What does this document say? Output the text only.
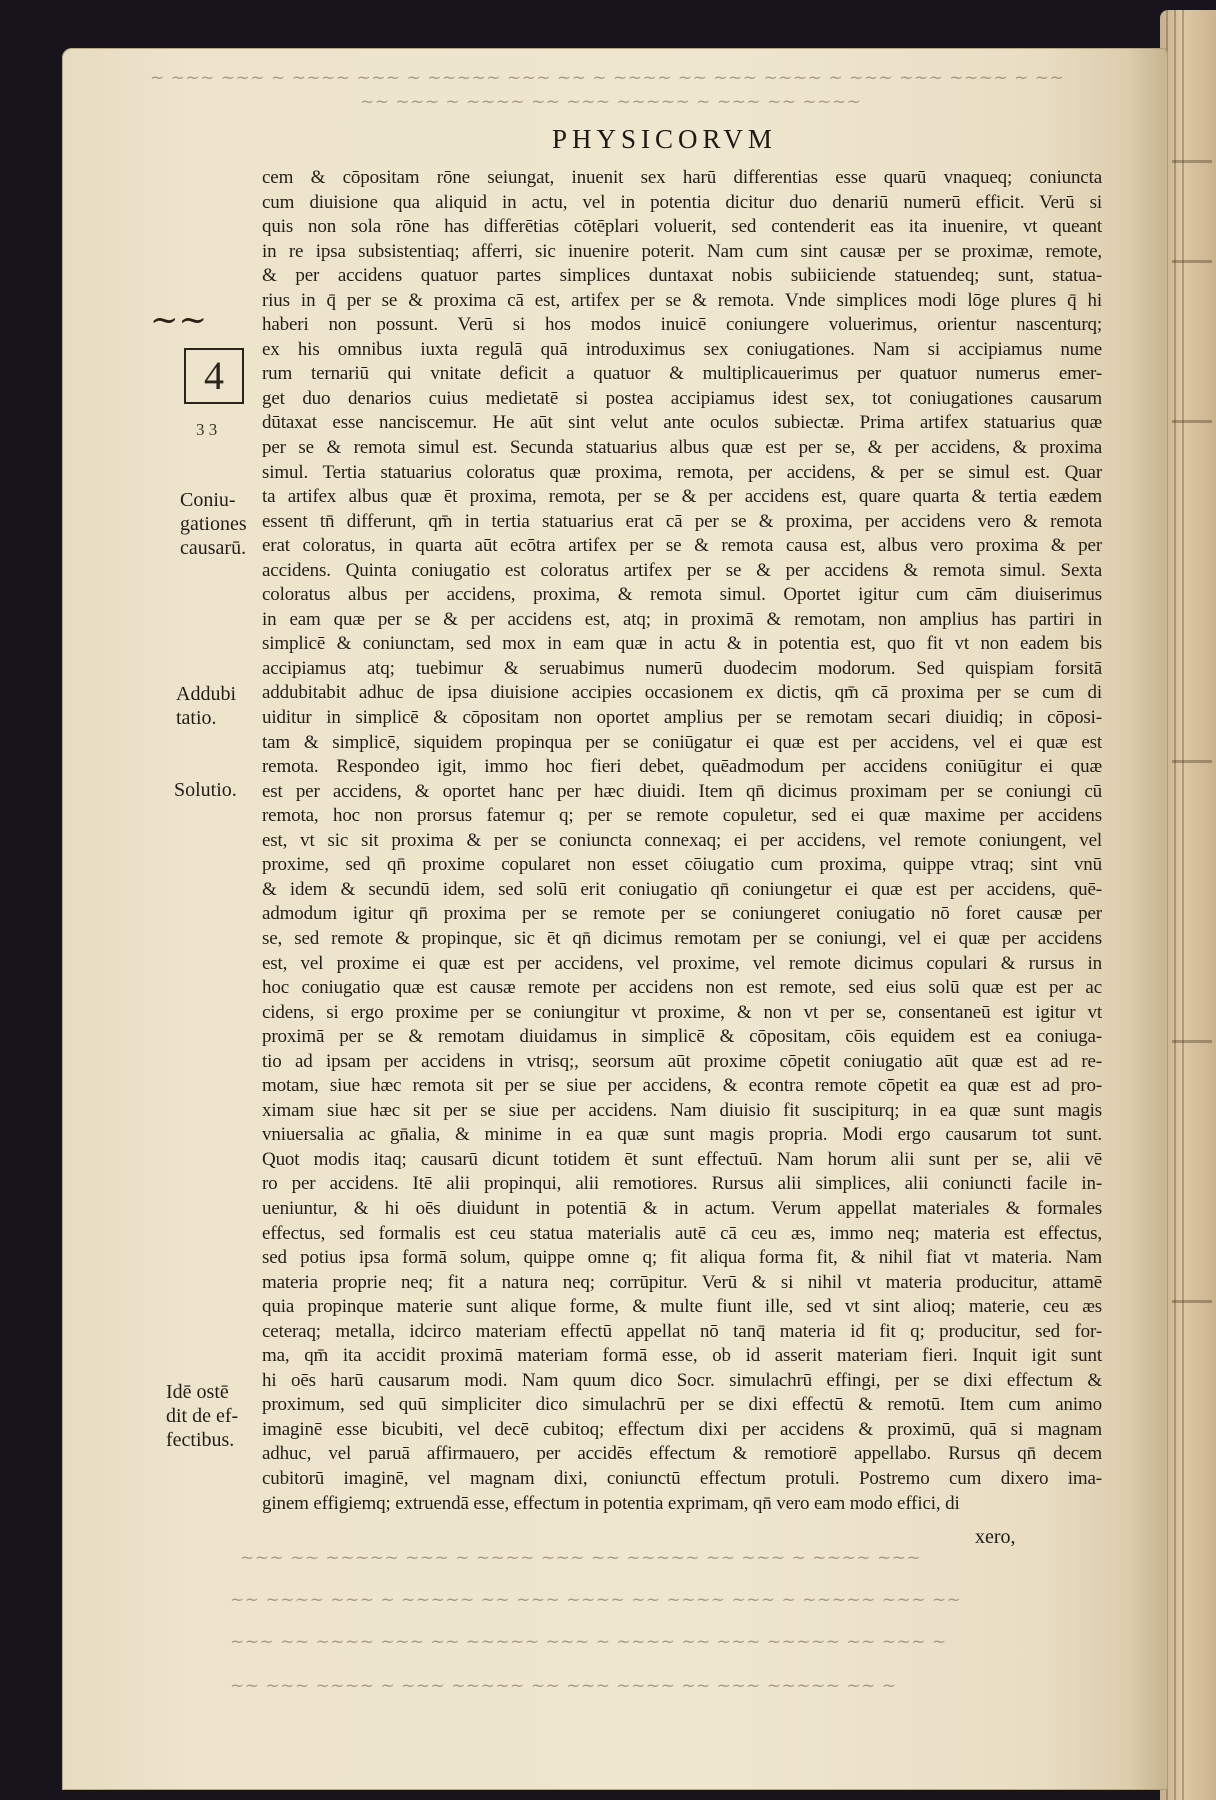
~ ~~~ ~~~ ~ ~~~~ ~~~ ~ ~~~~~ ~~~ ~~ ~ ~~~~ ~~ ~~~ ~~~~ ~ ~~~ ~~~ ~~~~ ~ ~~
~~ ~~~ ~ ~~~~ ~~ ~~~ ~~~~~ ~ ~~~ ~~ ~~~~
~~~ ~~ ~~~~~ ~~~ ~ ~~~~ ~~~ ~~ ~~~~~ ~~ ~~~ ~ ~~~~ ~~~
~~ ~~~~ ~~~ ~ ~~~~~ ~~ ~~~ ~~~~ ~~ ~~~~ ~~~ ~ ~~~~~ ~~~ ~~
~~~ ~~ ~~~~ ~~~ ~~ ~~~~~ ~~~ ~ ~~~~ ~~ ~~~ ~~~~~ ~~ ~~~ ~
~~ ~~~ ~~~~ ~ ~~~ ~~~~~ ~~ ~~~ ~~~~ ~~ ~~~ ~~~~~ ~~ ~
PHYSICORVM
~~
4
3 3
Coniu-
gationes
causarū.
Addubi
tatio.
Solutio.
Idē ostē
dit de ef-
fectibus.
cem & cōpositam rōne seiungat, inuenit sex harū differentias esse quarū vnaqueq; coniuncta
cum diuisione qua aliquid in actu, vel in potentia dicitur duo denariū numerū efficit. Verū si
quis non sola rōne has differētias cōtēplari voluerit, sed contenderit eas ita inuenire, vt queant
in re ipsa subsistentiaq; afferri, sic inuenire poterit. Nam cum sint causæ per se proximæ, remote,
& per accidens quatuor partes simplices duntaxat nobis subiiciende statuendeq; sunt, statua-
rius in q̄ per se & proxima cā est, artifex per se & remota. Vnde simplices modi lōge plures q̄ hi
haberi non possunt. Verū si hos modos inuicē coniungere voluerimus, orientur nascenturq;
ex his omnibus iuxta regulā quā introduximus sex coniugationes. Nam si accipiamus nume
rum ternariū qui vnitate deficit a quatuor & multiplicauerimus per quatuor numerus emer-
get duo denarios cuius medietatē si postea accipiamus idest sex, tot coniugationes causarum
dūtaxat esse nanciscemur. He aūt sint velut ante oculos subiectæ. Prima artifex statuarius quæ
per se & remota simul est. Secunda statuarius albus quæ est per se, & per accidens, & proxima
simul. Tertia statuarius coloratus quæ proxima, remota, per accidens, & per se simul est. Quar
ta artifex albus quæ ēt proxima, remota, per se & per accidens est, quare quarta & tertia eædem
essent tn̄ differunt, qm̄ in tertia statuarius erat cā per se & proxima, per accidens vero & remota
erat coloratus, in quarta aūt ecōtra artifex per se & remota causa est, albus vero proxima & per
accidens. Quinta coniugatio est coloratus artifex per se & per accidens & remota simul. Sexta
coloratus albus per accidens, proxima, & remota simul. Oportet igitur cum cām diuiserimus
in eam quæ per se & per accidens est, atq; in proximā & remotam, non amplius has partiri in
simplicē & coniunctam, sed mox in eam quæ in actu & in potentia est, quo fit vt non eadem bis
accipiamus atq; tuebimur & seruabimus numerū duodecim modorum. Sed quispiam forsitā
addubitabit adhuc de ipsa diuisione accipies occasionem ex dictis, qm̄ cā proxima per se cum di
uiditur in simplicē & cōpositam non oportet amplius per se remotam secari diuidiq; in cōposi-
tam & simplicē, siquidem propinqua per se coniūgatur ei quæ est per accidens, vel ei quæ est
remota. Respondeo igit, immo hoc fieri debet, quēadmodum per accidens coniūgitur ei quæ
est per accidens, & oportet hanc per hæc diuidi. Item qn̄ dicimus proximam per se coniungi cū
remota, hoc non prorsus fatemur q; per se remote copuletur, sed ei quæ maxime per accidens
est, vt sic sit proxima & per se coniuncta connexaq; ei per accidens, vel remote coniungent, vel
proxime, sed qn̄ proxime copularet non esset cōiugatio cum proxima, quippe vtraq; sint vnū
& idem & secundū idem, sed solū erit coniugatio qn̄ coniungetur ei quæ est per accidens, quē-
admodum igitur qn̄ proxima per se remote per se coniungeret coniugatio nō foret causæ per
se, sed remote & propinque, sic ēt qn̄ dicimus remotam per se coniungi, vel ei quæ per accidens
est, vel proxime ei quæ est per accidens, vel proxime, vel remote dicimus copulari & rursus in
hoc coniugatio quæ est causæ remote per accidens non est remote, sed eius solū quæ est per ac
cidens, si ergo proxime per se coniungitur vt proxime, & non vt per se, consentaneū est igitur vt
proximā per se & remotam diuidamus in simplicē & cōpositam, cōis equidem est ea coniuga-
tio ad ipsam per accidens in vtrisq;, seorsum aūt proxime cōpetit coniugatio aūt quæ est ad re-
motam, siue hæc remota sit per se siue per accidens, & econtra remote cōpetit ea quæ est ad pro-
ximam siue hæc sit per se siue per accidens. Nam diuisio fit suscipiturq; in ea quæ sunt magis
vniuersalia ac gn̄alia, & minime in ea quæ sunt magis propria. Modi ergo causarum tot sunt.
Quot modis itaq; causarū dicunt totidem ēt sunt effectuū. Nam horum alii sunt per se, alii vē
ro per accidens. Itē alii propinqui, alii remotiores. Rursus alii simplices, alii coniuncti facile in-
ueniuntur, & hi oēs diuidunt in potentiā & in actum. Verum appellat materiales & formales
effectus, sed formalis est ceu statua materialis autē cā ceu æs, immo neq; materia est effectus,
sed potius ipsa formā solum, quippe omne q; fit aliqua forma fit, & nihil fiat vt materia. Nam
materia proprie neq; fit a natura neq; corrūpitur. Verū & si nihil vt materia producitur, attamē
quia propinque materie sunt alique forme, & multe fiunt ille, sed vt sint alioq; materie, ceu æs
ceteraq; metalla, idcirco materiam effectū appellat nō tanq̄ materia id fit q; producitur, sed for-
ma, qm̄ ita accidit proximā materiam formā esse, ob id asserit materiam fieri. Inquit igit sunt
hi oēs harū causarum modi. Nam quum dico Socr. simulachrū effingi, per se dixi effectum &
proximum, sed quū simpliciter dico simulachrū per se dixi effectū & remotū. Item cum animo
imaginē esse bicubiti, vel decē cubitoq; effectum dixi per accidens & proximū, quā si magnam
adhuc, vel paruā affirmauero, per accidēs effectum & remotiorē appellabo. Rursus qn̄ decem
cubitorū imaginē, vel magnam dixi, coniunctū effectum protuli. Postremo cum dixero ima-
ginem effigiemq; extruendā esse, effectum in potentia exprimam, qn̄ vero eam modo effici, di
xero,
